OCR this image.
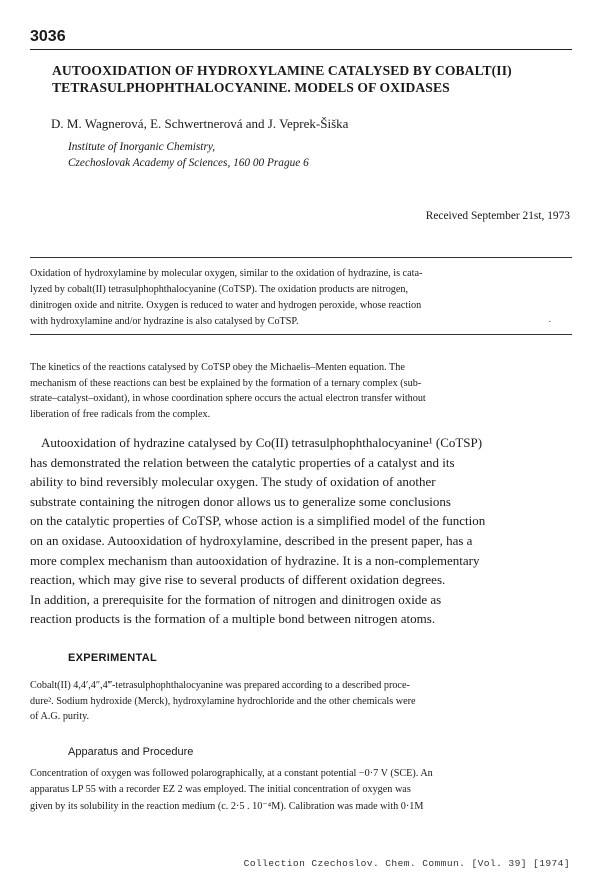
3036
AUTOOXIDATION OF HYDROXYLAMINE CATALYSED BY COBALT(II)
TETRASULPHOPHTHALOCYANINE. MODELS OF OXIDASES
D. M. Wagnerová, E. Schwertnerová and J. Veprek-Šiška
Institute of Inorganic Chemistry,
Czechoslovak Academy of Sciences, 160 00 Prague 6
Received September 21st, 1973
Oxidation of hydroxylamine by molecular oxygen, similar to the oxidation of hydrazine, is cata-
lyzed by cobalt(II) tetrasulphophthalocyanine (CoTSP). The oxidation products are nitrogen,
dinitrogen oxide and nitrite. Oxygen is reduced to water and hydrogen peroxide, whose reaction
with hydroxylamine and/or hydrazine is also catalysed by CoTSP.	·
The kinetics of the reactions catalysed by CoTSP obey the Michaelis–Menten equation. The
mechanism of these reactions can best be explained by the formation of a ternary complex (sub-
strate–catalyst–oxidant), in whose coordination sphere occurs the actual electron transfer without
liberation of free radicals from the complex.
Autooxidation of hydrazine catalysed by Co(II) tetrasulphophthalocyanine¹ (CoTSP)
has demonstrated the relation between the catalytic properties of a catalyst and its
ability to bind reversibly molecular oxygen. The study of oxidation of another
substrate containing the nitrogen donor allows us to generalize some conclusions
on the catalytic properties of CoTSP, whose action is a simplified model of the function
on an oxidase. Autooxidation of hydroxylamine, described in the present paper, has a
more complex mechanism than autooxidation of hydrazine. It is a non-complementary
reaction, which may give rise to several products of different oxidation degrees.
In addition, a prerequisite for the formation of nitrogen and dinitrogen oxide as
reaction products is the formation of a multiple bond between nitrogen atoms.
EXPERIMENTAL
Cobalt(II) 4,4′,4″,4‴-tetrasulphophthalocyanine was prepared according to a described proce-
dure². Sodium hydroxide (Merck), hydroxylamine hydrochloride and the other chemicals were
of A.G. purity.
Apparatus and Procedure
Concentration of oxygen was followed polarographically, at a constant potential −0·7 V (SCE). An
apparatus LP 55 with a recorder EZ 2 was employed. The initial concentration of oxygen was
given by its solubility in the reaction medium (c. 2·5 . 10⁻⁴M). Calibration was made with 0·1M
Collection Czechoslov. Chem. Commun. [Vol. 39] [1974]
